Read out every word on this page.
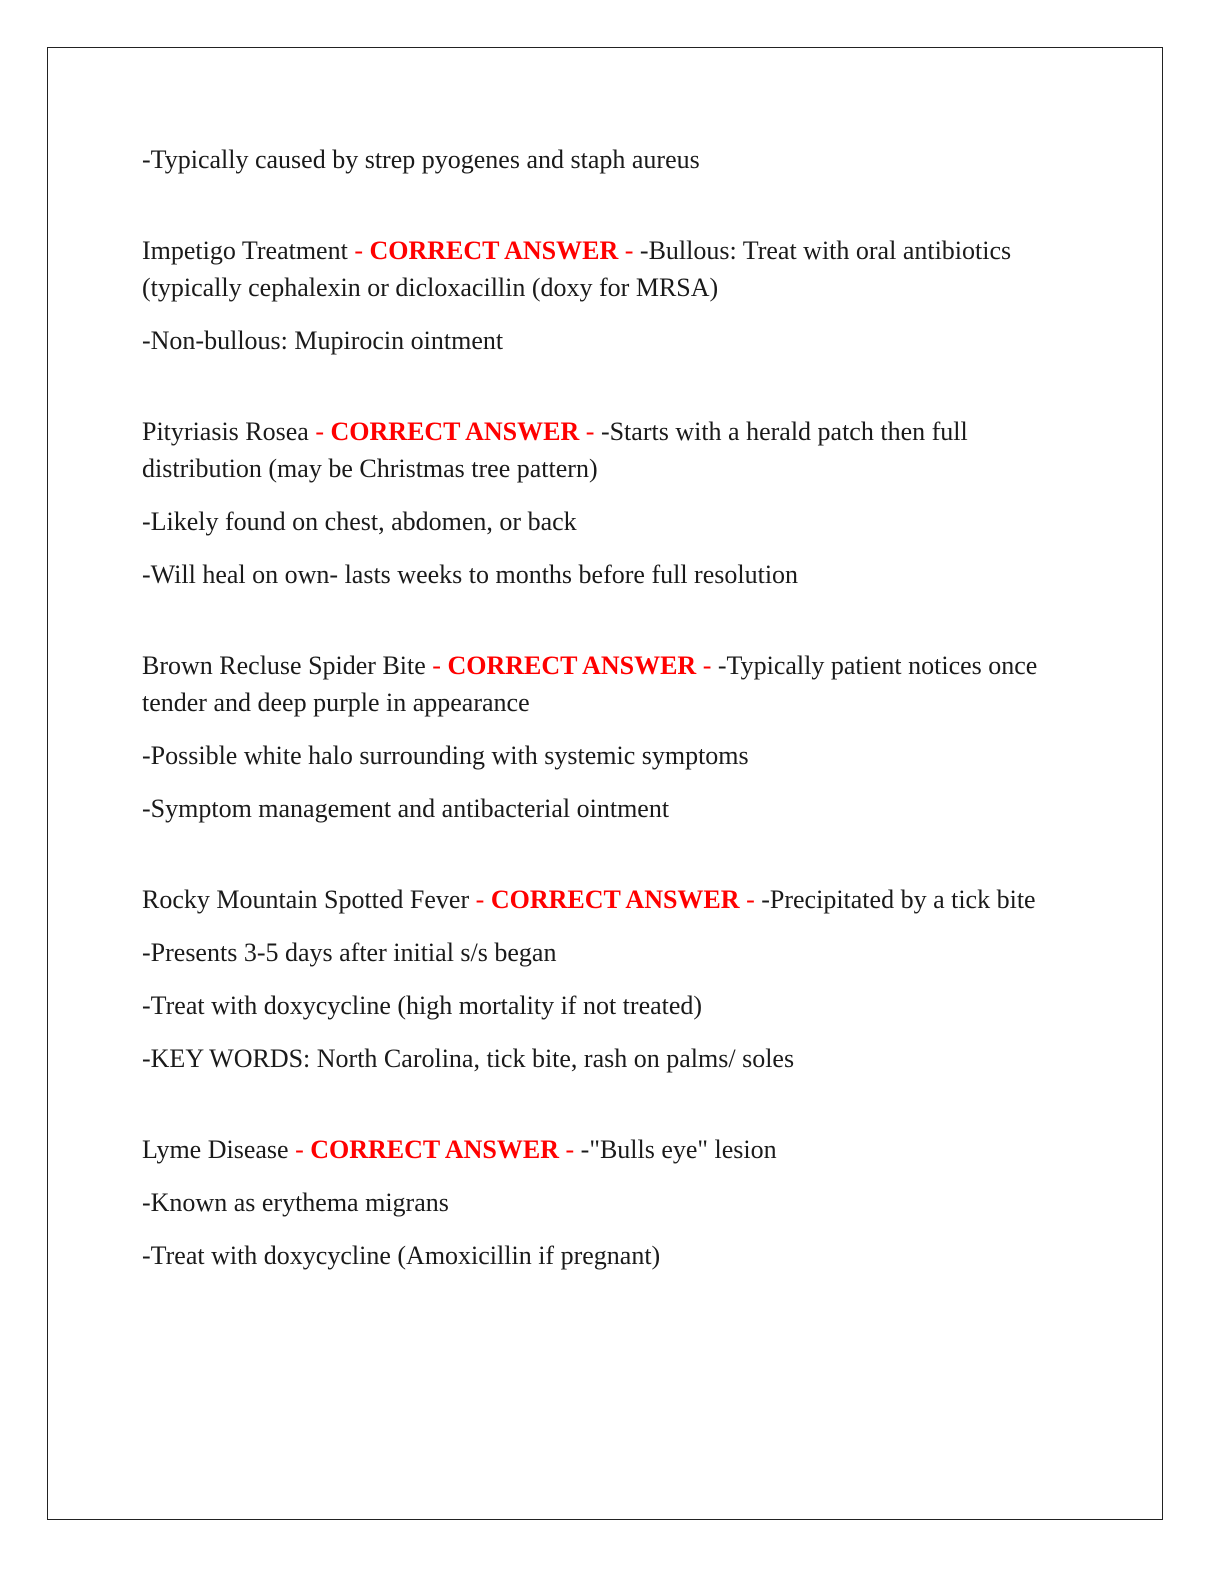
-Typically caused by strep pyogenes and staph aureus

Impetigo Treatment - CORRECT ANSWER - -Bullous: Treat with oral antibiotics (typically cephalexin or dicloxacillin (doxy for MRSA)

-Non-bullous: Mupirocin ointment

Pityriasis Rosea - CORRECT ANSWER - -Starts with a herald patch then full distribution (may be Christmas tree pattern)

-Likely found on chest, abdomen, or back

-Will heal on own- lasts weeks to months before full resolution

Brown Recluse Spider Bite - CORRECT ANSWER - -Typically patient notices once tender and deep purple in appearance

-Possible white halo surrounding with systemic symptoms

-Symptom management and antibacterial ointment

Rocky Mountain Spotted Fever - CORRECT ANSWER - -Precipitated by a tick bite

-Presents 3-5 days after initial s/s began

-Treat with doxycycline (high mortality if not treated)

-KEY WORDS: North Carolina, tick bite, rash on palms/ soles

Lyme Disease - CORRECT ANSWER - -"Bulls eye" lesion

-Known as erythema migrans

-Treat with doxycycline (Amoxicillin if pregnant)
